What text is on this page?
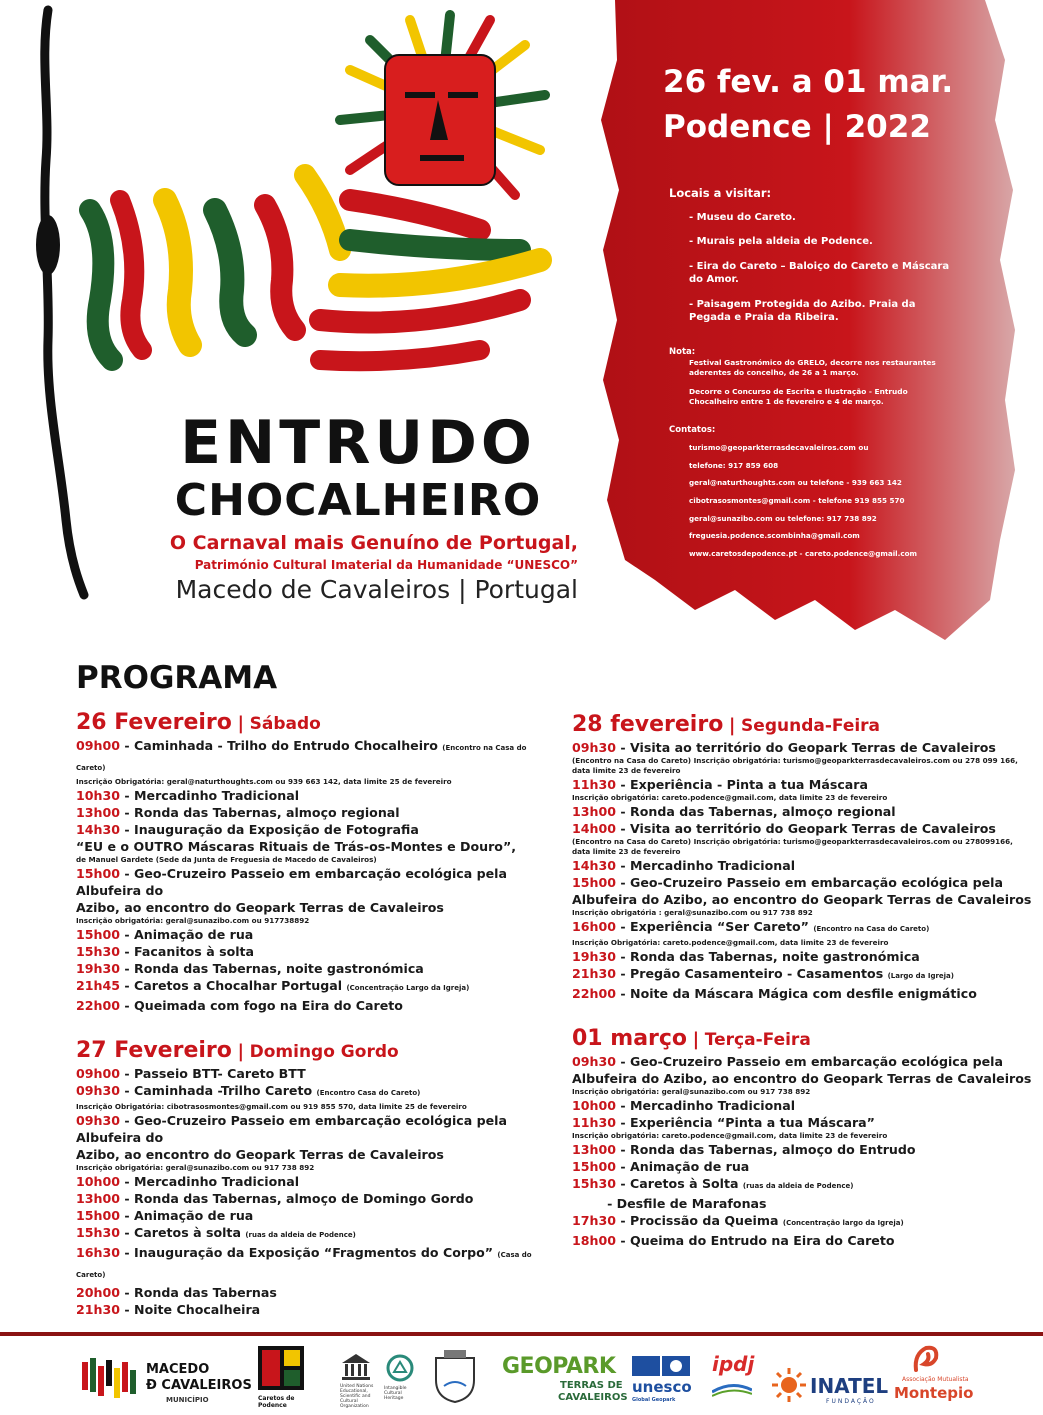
26 fev. a 01 mar.
Podence | 2022
Locais a visitar:
- Museu do Careto.
- Murais pela aldeia de Podence.
- Eira do Careto – Baloiço do Careto e Máscara do Amor.
- Paisagem Protegida do Azibo. Praia da Pegada e Praia da Ribeira.
Nota:
Festival Gastronómico do GRELO, decorre nos restaurantes aderentes do concelho, de 26 a 1 março.
Decorre o Concurso de Escrita e Ilustração - Entrudo Chocalheiro entre 1 de fevereiro e 4 de março.
Contatos:
turismo@geoparkterrasdecavaleiros.com ou
telefone: 917 859 608
geral@naturthoughts.com ou telefone - 939 663 142
cibotrasosmontes@gmail.com - telefone 919 855 570
geral@sunazibo.com ou telefone: 917 738 892
freguesia.podence.scombinha@gmail.com
www.caretosdepodence.pt - careto.podence@gmail.com
ENTRUDO
CHOCALHEIRO
O Carnaval mais Genuíno de Portugal,
Património Cultural Imaterial da Humanidade “UNESCO”
Macedo de Cavaleiros | Portugal
PROGRAMA
26 Fevereiro | Sábado
09h00 - Caminhada - Trilho do Entrudo Chocalheiro (Encontro na Casa do Careto)
Inscrição Obrigatória: geral@naturthoughts.com ou 939 663 142, data limite 25 de fevereiro
10h30 - Mercadinho Tradicional
13h00 - Ronda das Tabernas, almoço regional
14h30 - Inauguração da Exposição de Fotografia
“EU e o OUTRO Máscaras Rituais de Trás-os-Montes e Douro”,
de Manuel Gardete (Sede da Junta de Freguesia de Macedo de Cavaleiros)
15h00 - Geo-Cruzeiro Passeio em embarcação ecológica pela Albufeira do
Azibo, ao encontro do Geopark Terras de Cavaleiros
Inscrição obrigatória: geral@sunazibo.com ou 917738892
15h00 - Animação de rua
15h30 - Facanitos à solta
19h30 - Ronda das Tabernas, noite gastronómica
21h45 - Caretos a Chocalhar Portugal (Concentração Largo da Igreja)
22h00 - Queimada com fogo na Eira do Careto
27 Fevereiro | Domingo Gordo
09h00 - Passeio BTT- Careto BTT
09h30 - Caminhada -Trilho Careto (Encontro Casa do Careto)
Inscrição Obrigatória: cibotrasosmontes@gmail.com ou 919 855 570, data limite 25 de fevereiro
09h30 - Geo-Cruzeiro Passeio em embarcação ecológica pela Albufeira do
Azibo, ao encontro do Geopark Terras de Cavaleiros
Inscrição obrigatória: geral@sunazibo.com ou 917 738 892
10h00 - Mercadinho Tradicional
13h00 - Ronda das Tabernas, almoço de Domingo Gordo
15h00 - Animação de rua
15h30 - Caretos à solta (ruas da aldeia de Podence)
16h30 - Inauguração da Exposição “Fragmentos do Corpo” (Casa do Careto)
20h00 - Ronda das Tabernas
21h30 - Noite Chocalheira
28 fevereiro | Segunda-Feira
09h30 - Visita ao território do Geopark Terras de Cavaleiros
(Encontro na Casa do Careto) Inscrição obrigatória: turismo@geoparkterrasdecavaleiros.com ou 278 099 166, data limite 23 de fevereiro
11h30 - Experiência - Pinta a tua Máscara
Inscrição obrigatória: careto.podence@gmail.com, data limite 23 de fevereiro
13h00 - Ronda das Tabernas, almoço regional
14h00 - Visita ao território do Geopark Terras de Cavaleiros
(Encontro na Casa do Careto) Inscrição obrigatória: turismo@geoparkterrasdecavaleiros.com ou 278099166, data limite 23 de fevereiro
14h30 - Mercadinho Tradicional
15h00 - Geo-Cruzeiro Passeio em embarcação ecológica pela
Albufeira do Azibo, ao encontro do Geopark Terras de Cavaleiros
Inscrição obrigatória : geral@sunazibo.com ou 917 738 892
16h00 - Experiência “Ser Careto” (Encontro na Casa do Careto)
Inscrição Obrigatória: careto.podence@gmail.com, data limite 23 de fevereiro
19h30 - Ronda das Tabernas, noite gastronómica
21h30 - Pregão Casamenteiro - Casamentos (Largo da Igreja)
22h00 - Noite da Máscara Mágica com desfile enigmático
01 março | Terça-Feira
09h30 - Geo-Cruzeiro Passeio em embarcação ecológica pela
Albufeira do Azibo, ao encontro do Geopark Terras de Cavaleiros
Inscrição obrigatória: geral@sunazibo.com ou 917 738 892
10h00 - Mercadinho Tradicional
11h30 - Experiência “Pinta a tua Máscara”
Inscrição obrigatória: careto.podence@gmail.com, data limite 23 de fevereiro
13h00 - Ronda das Tabernas, almoço do Entrudo
15h00 - Animação de rua
15h30 - Caretos à Solta (ruas da aldeia de Podence)
- Desfile de Marafonas
17h30 - Procissão da Queima (Concentração largo da Igreja)
18h00 - Queima do Entrudo na Eira do Careto
MACEDO
Đ CAVALEIROS
MUNICÍPIO	Caretos de Podence
United Nations Educational, Scientific and Cultural Organization
Intangible Cultural Heritage
GEOPARK
TERRAS DE
CAVALEIROS
unesco
Global Geopark
ipdj
INATEL
FUNDAÇÃO
Associação Mutualista
Montepio
